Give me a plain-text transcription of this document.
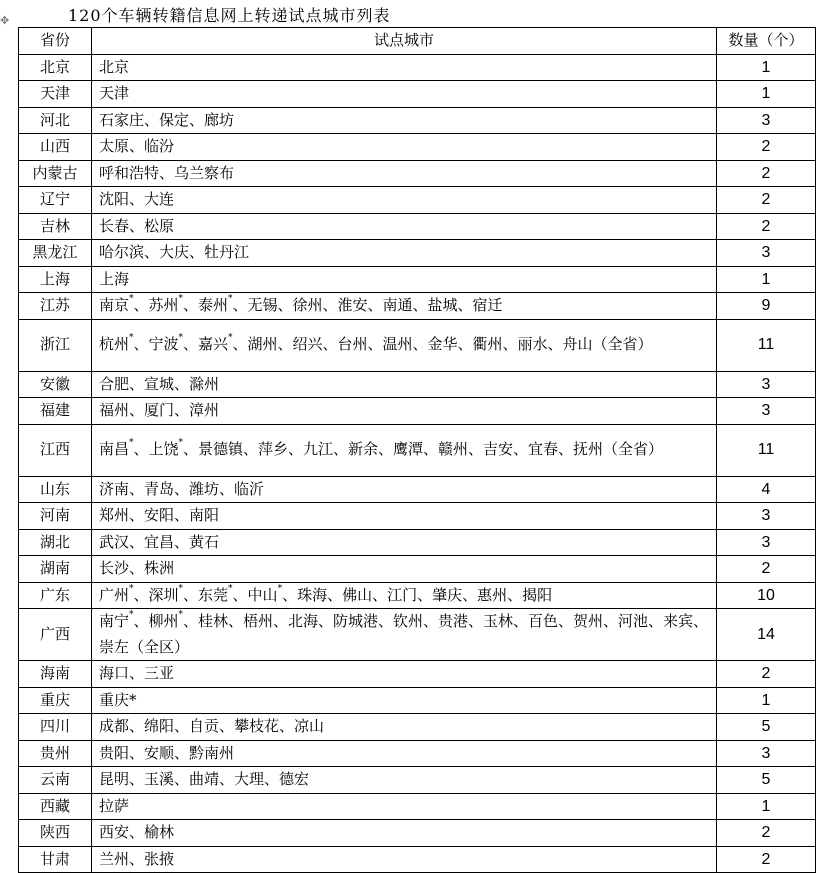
✥	120个车辆转籍信息网上转递试点城市列表
省份	试点城市	数量（个）
北京	北京	1
天津	天津	1
河北	石家庄、保定、廊坊	3
山西	太原、临汾	2
内蒙古	呼和浩特、乌兰察布	2
辽宁	沈阳、大连	2
吉林	长春、松原	2
黑龙江	哈尔滨、大庆、牡丹江	3
上海	上海	1
江苏	南京*、苏州*、泰州*、无锡、徐州、淮安、南通、盐城、宿迁	9
浙江	杭州*、宁波*、嘉兴*、湖州、绍兴、台州、温州、金华、衢州、丽水、舟山（全省）	11
安徽	合肥、宣城、滁州	3
福建	福州、厦门、漳州	3
江西	南昌*、上饶*、景德镇、萍乡、九江、新余、鹰潭、赣州、吉安、宜春、抚州（全省）	11
山东	济南、青岛、潍坊、临沂	4
河南	郑州、安阳、南阳	3
湖北	武汉、宜昌、黄石	3
湖南	长沙、株洲	2
广东	广州*、深圳*、东莞*、中山*、珠海、佛山、江门、肇庆、惠州、揭阳	10
广西	南宁*、柳州*、桂林、梧州、北海、防城港、钦州、贵港、玉林、百色、贺州、河池、来宾、崇左（全区）	14
海南	海口、三亚	2
重庆	重庆*	1
四川	成都、绵阳、自贡、攀枝花、凉山	5
贵州	贵阳、安顺、黔南州	3
云南	昆明、玉溪、曲靖、大理、德宏	5
西藏	拉萨	1
陕西	西安、榆林	2
甘肃	兰州、张掖	2
